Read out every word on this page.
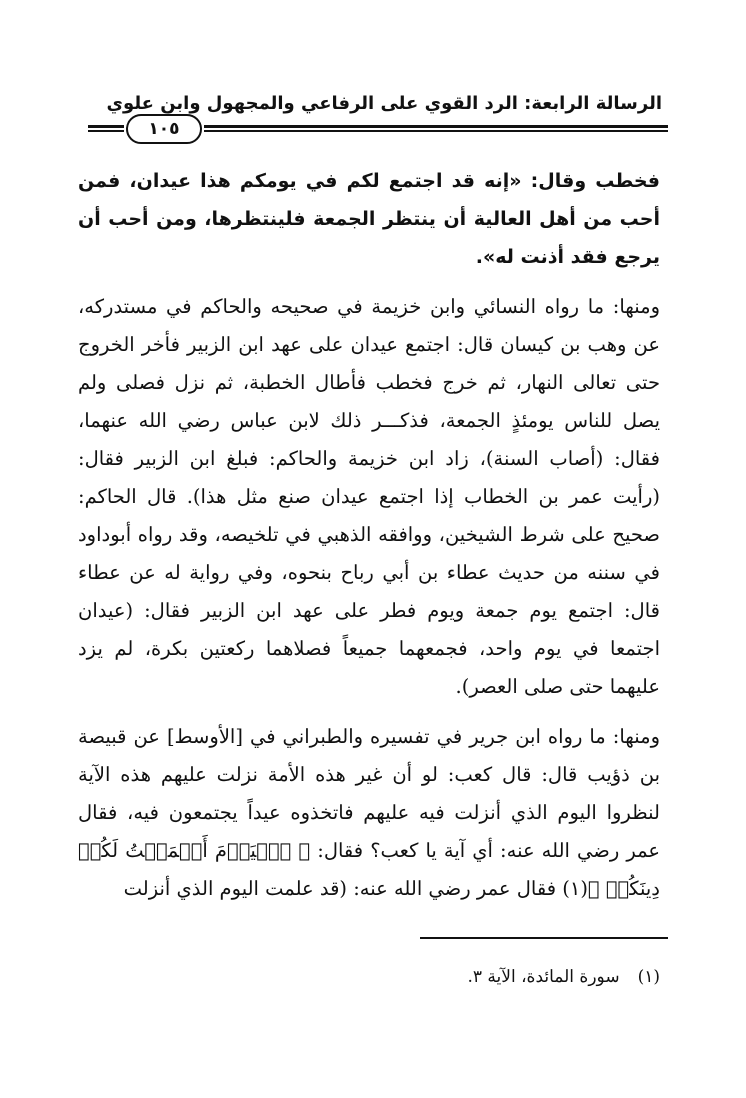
الرسالة الرابعة: الرد القوي على الرفاعي والمجهول وابن علوي
١٠٥

فخطب وقال: «إنه قد اجتمع لكم في يومكم هذا عيدان، فمن أحب من أهل العالية أن ينتظر الجمعة فلينتظرها، ومن أحب أن يرجع فقد أذنت له».

ومنها: ما رواه النسائي وابن خزيمة في صحيحه والحاكم في مستدركه، عن وهب بن كيسان قال: اجتمع عيدان على عهد ابن الزبير فأخر الخروج حتى تعالى النهار، ثم خرج فخطب فأطال الخطبة، ثم نزل فصلى ولم يصل للناس يومئذٍ الجمعة، فذكـــر ذلك لابن عباس رضي الله عنهما، فقال: (أصاب السنة)، زاد ابن خزيمة والحاكم: فبلغ ابن الزبير فقال: (رأيت عمر بن الخطاب إذا اجتمع عيدان صنع مثل هذا). قال الحاكم: صحيح على شرط الشيخين، ووافقه الذهبي في تلخيصه، وقد رواه أبوداود في سننه من حديث عطاء بن أبي رباح بنحوه، وفي رواية له عن عطاء قال: اجتمع يوم جمعة ويوم فطر على عهد ابن الزبير فقال: (عيدان اجتمعا في يوم واحد، فجمعهما جميعاً فصلاهما ركعتين بكرة، لم يزد عليهما حتى صلى العصر).

ومنها: ما رواه ابن جرير في تفسيره والطبراني في [الأوسط] عن قبيصة بن ذؤيب قال: قال كعب: لو أن غير هذه الأمة نزلت عليهم هذه الآية لنظروا اليوم الذي أنزلت فيه عليهم فاتخذوه عيداً يجتمعون فيه، فقال عمر رضي الله عنه: أي آية يا كعب؟ فقال: ﴿ ٱلۡيَوۡمَ أَكۡمَلۡتُ لَكُمۡ دِينَكُمۡ ﴾(١) فقال عمر رضي الله عنه: (قد علمت اليوم الذي أنزلت

(١)سورة المائدة، الآية ٣.
